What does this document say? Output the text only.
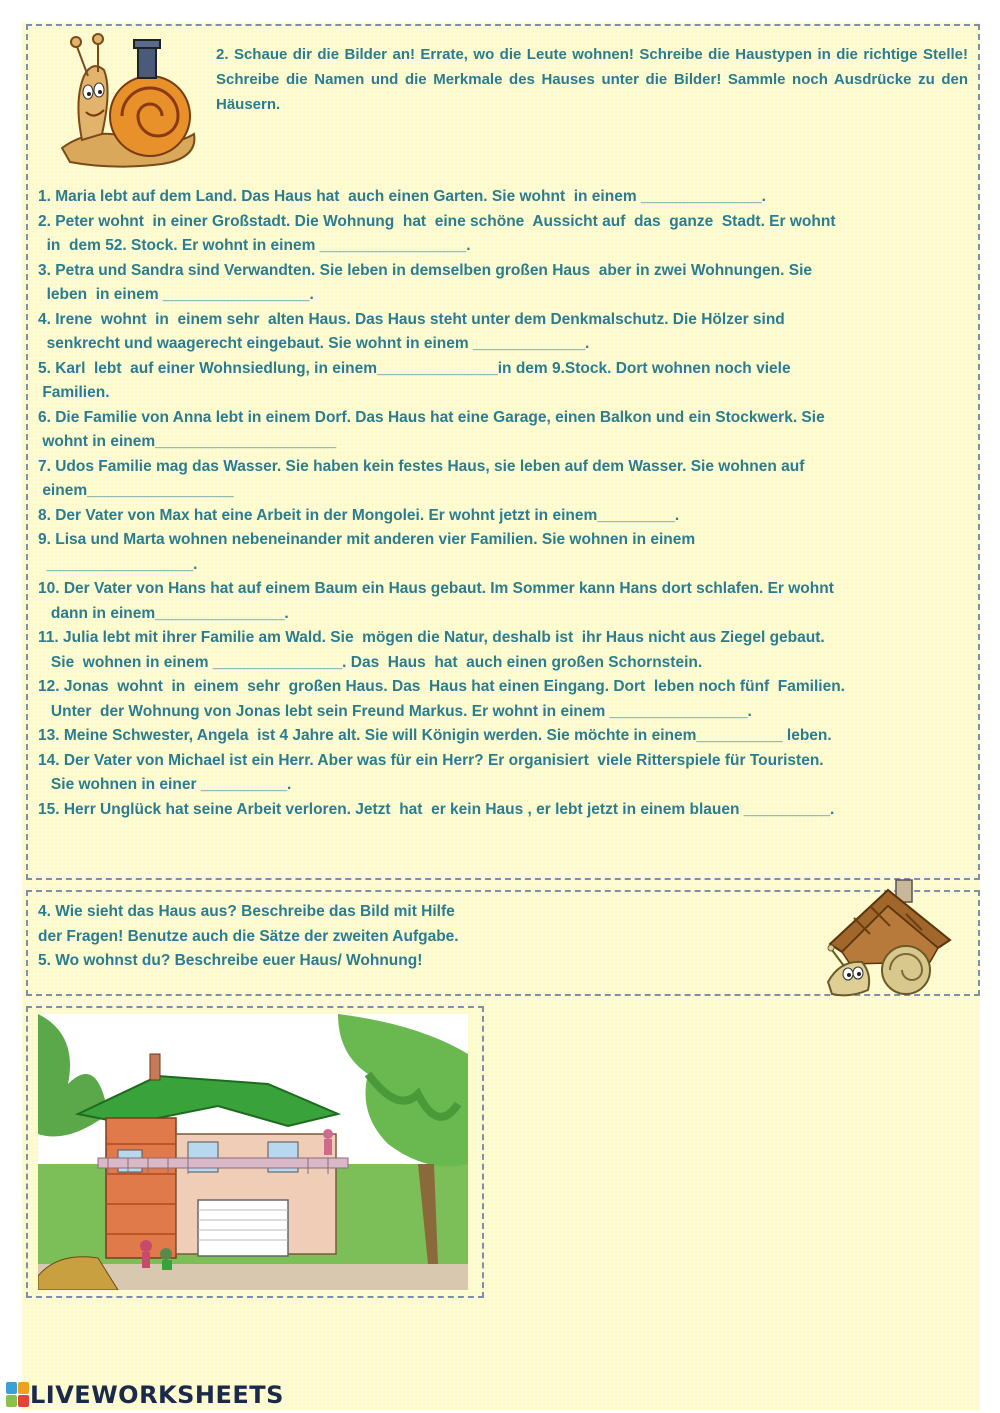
2. Schaue dir die Bilder an! Errate, wo die Leute wohnen! Schreibe die Haustypen in die richtige Stelle! Schreibe die Namen und die Merkmale des Hauses unter die Bilder! Sammle noch Ausdrücke zu den Häusern.
1. Maria lebt auf dem Land. Das Haus hat  auch einen Garten. Sie wohnt  in einem ______________.
2. Peter wohnt  in einer Großstadt. Die Wohnung  hat  eine schöne  Aussicht auf  das  ganze  Stadt. Er wohnt
in  dem 52. Stock. Er wohnt in einem _________________.
3. Petra und Sandra sind Verwandten. Sie leben in demselben großen Haus  aber in zwei Wohnungen. Sie
leben  in einem _________________.
4. Irene  wohnt  in  einem sehr  alten Haus. Das Haus steht unter dem Denkmalschutz. Die Hölzer sind
senkrecht und waagerecht eingebaut. Sie wohnt in einem _____________.
5. Karl  lebt  auf einer Wohnsiedlung, in einem______________in dem 9.Stock. Dort wohnen noch viele
Familien.
6. Die Familie von Anna lebt in einem Dorf. Das Haus hat eine Garage, einen Balkon und ein Stockwerk. Sie
wohnt in einem_____________________
7. Udos Familie mag das Wasser. Sie haben kein festes Haus, sie leben auf dem Wasser. Sie wohnen auf
einem_________________
8. Der Vater von Max hat eine Arbeit in der Mongolei. Er wohnt jetzt in einem_________.
9. Lisa und Marta wohnen nebeneinander mit anderen vier Familien. Sie wohnen in einem
_________________.
10. Der Vater von Hans hat auf einem Baum ein Haus gebaut. Im Sommer kann Hans dort schlafen. Er wohnt
dann in einem_______________.
11. Julia lebt mit ihrer Familie am Wald. Sie  mögen die Natur, deshalb ist  ihr Haus nicht aus Ziegel gebaut.
Sie  wohnen in einem _______________. Das  Haus  hat  auch einen großen Schornstein.
12. Jonas  wohnt  in  einem  sehr  großen Haus. Das  Haus hat einen Eingang. Dort  leben noch fünf  Familien.
Unter  der Wohnung von Jonas lebt sein Freund Markus. Er wohnt in einem ________________.
13. Meine Schwester, Angela  ist 4 Jahre alt. Sie will Königin werden. Sie möchte in einem__________ leben.
14. Der Vater von Michael ist ein Herr. Aber was für ein Herr? Er organisiert  viele Ritterspiele für Touristen.
Sie wohnen in einer __________.
15. Herr Unglück hat seine Arbeit verloren. Jetzt  hat  er kein Haus , er lebt jetzt in einem blauen __________.
4. Wie sieht das Haus aus? Beschreibe das Bild mit Hilfe
der Fragen! Benutze auch die Sätze der zweiten Aufgabe.
5. Wo wohnst du? Beschreibe euer Haus/ Wohnung!
LIVEWORKSHEETS
